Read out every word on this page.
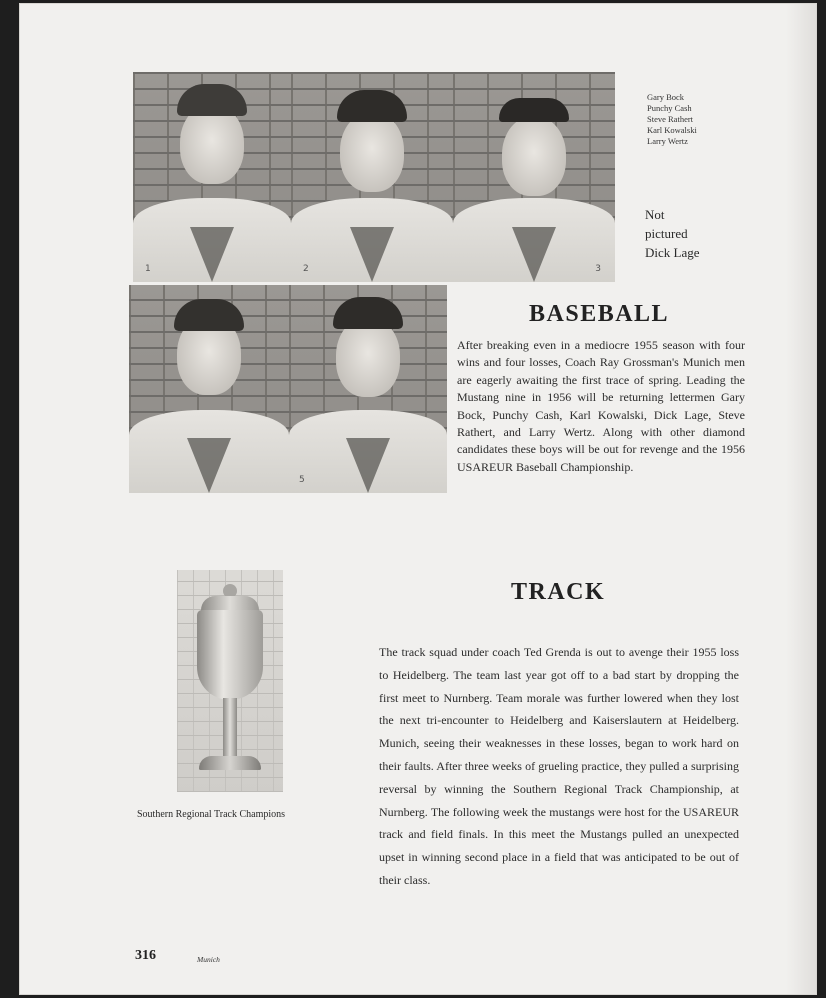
1	2	3
Gary Bock
Punchy Cash
Steve Rathert
Karl Kowalski
Larry Wertz
Not
pictured
Dick Lage
5
BASEBALL
After breaking even in a mediocre 1955 season with four wins and four losses, Coach Ray Grossman's Munich men are eagerly awaiting the first trace of spring. Leading the Mustang nine in 1956 will be returning lettermen Gary Bock, Punchy Cash, Karl Kowalski, Dick Lage, Steve Rathert, and Larry Wertz. Along with other diamond candidates these boys will be out for revenge and the 1956 USAREUR Baseball Championship.
Southern Regional Track Champions
TRACK
The track squad under coach Ted Grenda is out to avenge their 1955 loss to Heidelberg. The team last year got off to a bad start by dropping the first meet to Nurnberg. Team morale was further lowered when they lost the next tri-encounter to Heidelberg and Kaiserslautern at Heidelberg. Munich, seeing their weaknesses in these losses, began to work hard on their faults. After three weeks of grueling practice, they pulled a surprising reversal by winning the Southern Regional Track Championship, at Nurnberg. The following week the mustangs were host for the USAREUR track and field finals. In this meet the Mustangs pulled an unexpected upset in winning second place in a field that was anticipated to be out of their class.
316	Munich
